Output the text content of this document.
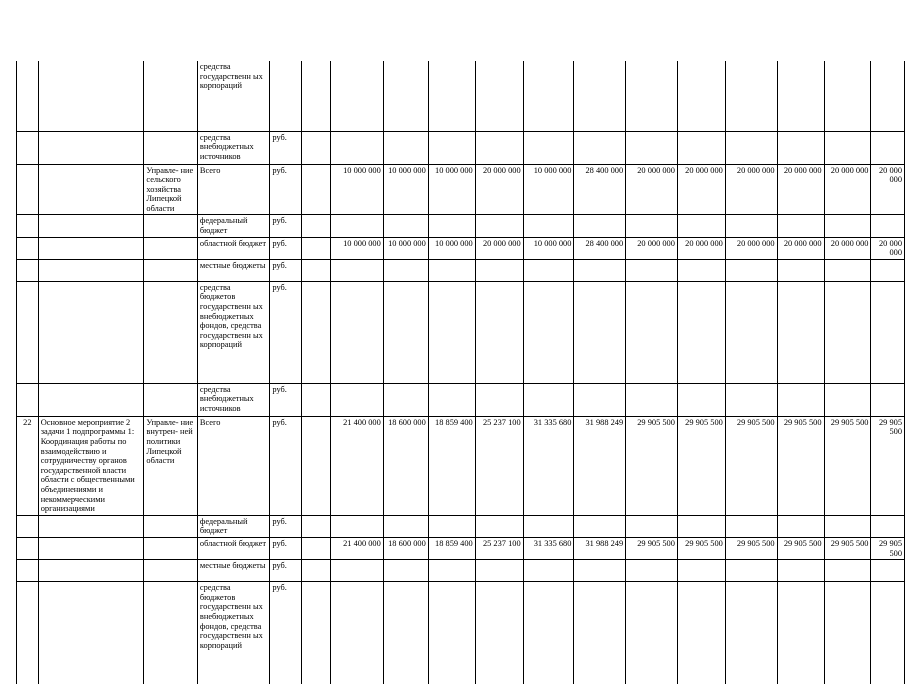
			средства государственн ых корпораций														
			средства внебюджетных источников	руб.													
		Управле- ние сельского хозяйства Липецкой области	Всего	руб.		10 000 000	10 000 000	10 000 000	20 000 000	10 000 000	28 400 000	20 000 000	20 000 000	20 000 000	20 000 000	20 000 000	20 000 000
			федеральный бюджет	руб.													
			областной бюджет	руб.		10 000 000	10 000 000	10 000 000	20 000 000	10 000 000	28 400 000	20 000 000	20 000 000	20 000 000	20 000 000	20 000 000	20 000 000
			местные бюджеты	руб.													
			средства бюджетов государственн ых внебюджетных фондов, средства государственн ых корпораций	руб.													
			средства внебюджетных источников	руб.													
22	Основное мероприятие 2 задачи 1 подпрограммы 1: Координация работы по взаимодействию и сотрудничеству органов государственной власти области с общественными объединениями и некоммерческими организациями	Управле- ние внутрен- ней политики Липецкой области	Всего	руб.		21 400 000	18 600 000	18 859 400	25 237 100	31 335 680	31 988 249	29 905 500	29 905 500	29 905 500	29 905 500	29 905 500	29 905 500
			федеральный бюджет	руб.													
			областной бюджет	руб.		21 400 000	18 600 000	18 859 400	25 237 100	31 335 680	31 988 249	29 905 500	29 905 500	29 905 500	29 905 500	29 905 500	29 905 500
			местные бюджеты	руб.													
			средства бюджетов государственн ых внебюджетных фондов, средства государственн ых корпораций	руб.													
